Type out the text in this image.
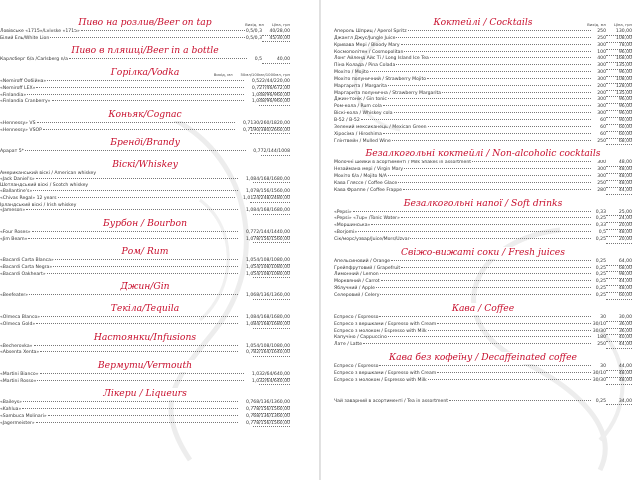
Пиво на розлив/Beer on tap	Вихід, мл Ціна, грн
Ловівське «1715»/Lvivske «1715»	0,5/0,3	40/28,00
Білий Ель/White Lion	0,5/0,3	45/30,00
Пиво в пляшці/Beer in a bottle
Карлсберг б/а /Carlsberg n/a	0,5	40,00
Горілка/Vodka	Вихід, мл 50мл/100мл/1000мл, грн
«Nemiroff Ообійна»	0,5 22/44/220,00
«Nemiroff LEX»	0,7 27/46/672,00
«Finlandia»	1,0 48/96/960,00
«Finlandia Cranberry»	1,0 48/96/960,00
Коньяк/Cognac
«Hennessy» VS	0,7 130/260/1820,00
«Hennessy» VSOP	0,7 190/380/2660,00
Бренді/Brandy
Арарат 5*	0,7 72/144/1008
Віскі/Whiskey
Американський віскі / American whiskey
«Jack Daniel's»	1,0 84/168/1680,00
Шотландський віскі / Scotch whiskey
«Ballantine's»	1,0 78/156/1560,00
«Chivas Regal» 12 years	1,0 124/248/2480,00
Ірландський віскі / Irish whiskey
«Jameson»	1,0 84/168/1680,00
Бурбон / Bourbon
«Four Roses»	0,7 72/144/1440,00
«Jim Beam»	1,0 78/156/1560,00
Ром/ Rum
«Bacardi Carta Blanca»	1,0 54/108/1080,00
«Bacardi Carta Negra»	1,0 54/108/1080,00
«Bacardi Oakheart»	1,0 54/108/1080,00
Джин/Gin
«Beefeater»	1,0 68/136/1360,00
Текіла/Tequila
«Olmeca Blanco»	1,0 84/168/1680,00
«Olmeca Gold»	1,0 84/168/1680,00
Настоянки/Infusions
«Becherovka»	1,0 54/108/1080,00
«Absenta Xenta»	0,7 82/164/1640,00
Вермути/Vermouth
«Martini Bianco»	1,0 32/64/640,00
«Martini Rosso»	1,0 32/64/640,00
Лікери / Liqueurs
«Baileys»	0,7 68/136/1360,00
«Kahlua»	0,7 78/156/1560,00
«Sambuca Molinari»	0,7 68/136/1360,00
«Jagermeister»	0,7 78/156/1560,00
Коктейлі / Cocktails	Вихід, мл Ціна, грн
Апероль Шприц / Aperol Spritz	250	130,00
Джангл Джус/Jungle Juice	250	108,00
Кривава Мері / Bloody Mary	300	78,00
Космополітен / Cosmopolitan	100	96,00
Лонг Айленд Айс Ті / Long Island Ice Tea	400	168,00
Піна Колада / Pina Colada	300	135,00
Мохіто / Mojito	300	96,00
Мохіто полуничний / Strawberry Mojito	300	108,00
Маргарита / Margarita	200	128,00
Маргарита полунична / Strawberry Margarita	200	135,00
Джин-тонік / Gin tonic	300	96,00
Ром-кола / Rum cola	300	96,00
Віскі-кола / Whiskey cola	300	96,00
B-52 / B-52	60	90,00
Зелений мексиканець / Mexican Green	60	60,00
Хіросіма / Hiroshima	60	60,00
Глінтвейн / Mulled Wine	250	68,00
Безалкогольні коктейлі / Non-alcoholic cocktails
Молочні шейки в асортименті / Milk Shakes in assortment	300	48,00
Незаймана мері / Virgin Mary	300	48,00
Мохіто б/а / Mojito N/A	300	48,00
Кава Гляссе / Coffee Glace	250	48,00
Кава Фраппе / Coffee Frappe	280	44,00
Безалкогольні напої / Soft drinks
«Pepsi»	0,33	25,00
«Pepsi» «7up» /Tonic Water»	0,25	24,00
«Моршинська»	0,33	20,00
«Borjomi»	0,5	48,00
Сік/морс/узвар/Juice/Mors/Uzvar	0,25	20,00
Свіжо-вижаті соки / Fresh juices
Апельсиновий / Orange	0,25	64,00
Грейпфрутовий / Grapefruit	0,25	68,00
Лимонний / Lemon	0,25	98,00
Морквяний / Carrot	0,25	44,00
Яблучний / Apple	0,25	48,00
Селеровий / Celery	0,25	60,00
Кава / Coffee
Еспресо / Espresso	30	30,00
Еспресо з вершками / Espresso with Cream	30/10	36,00
Еспресо з молоком / Espresso with Milk	30/30	36,00
Капучіно / Cappuccino	180	40,00
Лате / Latte	250	44,00
Кава без кофеїну / Decaffeinated coffee
Еспресо / Espresso	30	44,00
Еспресо з вершками / Espresso with Cream	30/10	48,00
Еспресо з молоком / Espresso with Milk	30/30	48,00
Чай заварний в асортименті / Tea in assortment	0,25	34,00
